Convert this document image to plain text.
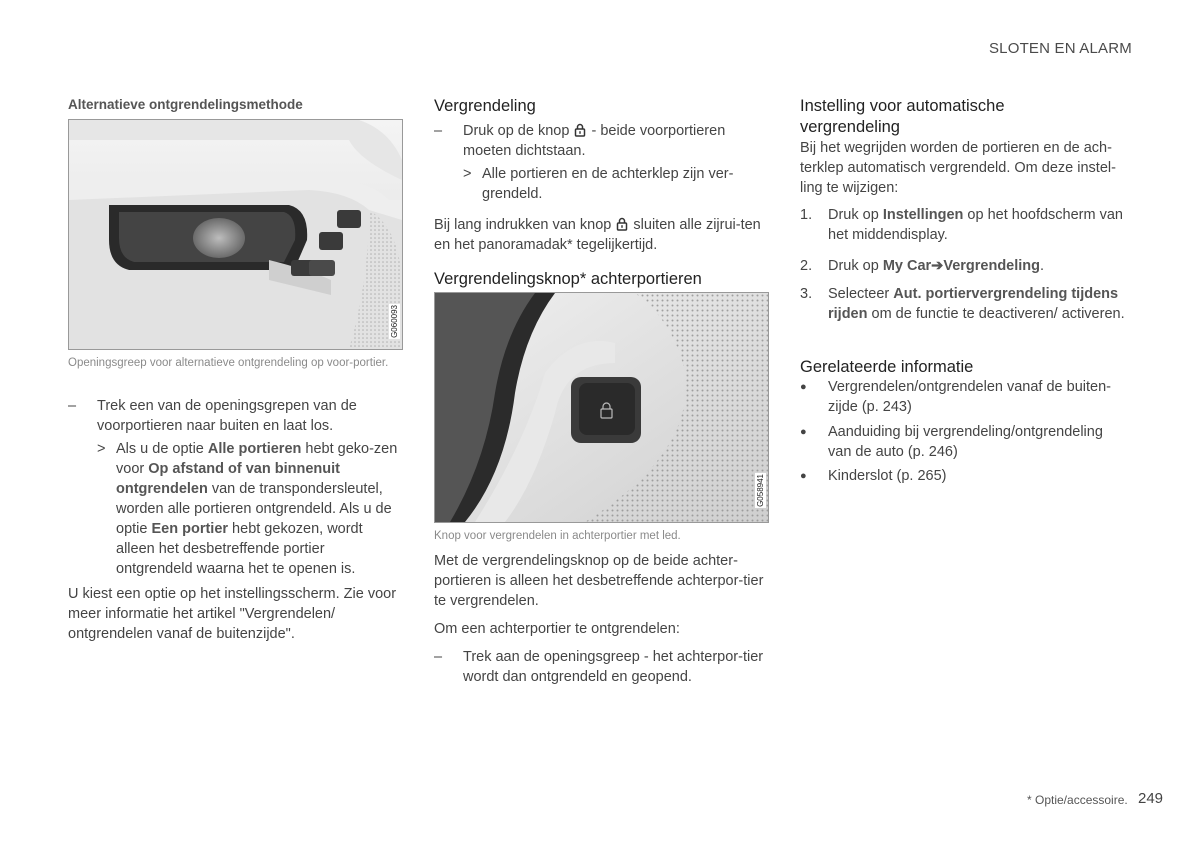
SLOTEN EN ALARM
Alternatieve ontgrendelingsmethode
G060093

Openingsgreep voor alternatieve ontgrendeling op voor-portier.

– Trek een van de openingsgrepen van de voorportieren naar buiten en laat los.

> Als u de optie Alle portieren hebt geko-zen voor Op afstand of van binnenuit ontgrendelen van de transpondersleutel, worden alle portieren ontgrendeld. Als u de optie Een portier hebt gekozen, wordt alleen het desbetreffende portier ontgrendeld waarna het te openen is.

U kiest een optie op het instellingsscherm. Zie voor meer informatie het artikel "Vergrendelen/ ontgrendelen vanaf de buitenzijde".

Vergrendeling

– Druk op de knop - beide voorportieren moeten dichtstaan.

> Alle portieren en de achterklep zijn ver-grendeld.

Bij lang indrukken van knop sluiten alle zijrui-ten en het panoramadak* tegelijkertijd.

Vergrendelingsknop* achterportieren
G058941

Knop voor vergrendelen in achterportier met led.

Met de vergrendelingsknop op de beide achter-portieren is alleen het desbetreffende achterpor-tier te vergrendelen.

Om een achterportier te ontgrendelen:

– Trek aan de openingsgreep - het achterpor-tier wordt dan ontgrendeld en geopend.

Instelling voor automatische vergrendeling

Bij het wegrijden worden de portieren en de ach-terklep automatisch vergrendeld. Om deze instel-ling te wijzigen:

1. Druk op Instellingen op het hoofdscherm van het middendisplay.

2. Druk op My Car➔Vergrendeling.

3. Selecteer Aut. portiervergrendeling tijdens rijden om de functie te deactiveren/ activeren.

Gerelateerde informatie

● Vergrendelen/ontgrendelen vanaf de buiten-zijde (p. 243)

● Aanduiding bij vergrendeling/ontgrendeling van de auto (p. 246)

● Kinderslot (p. 265)

* Optie/accessoire. 249
